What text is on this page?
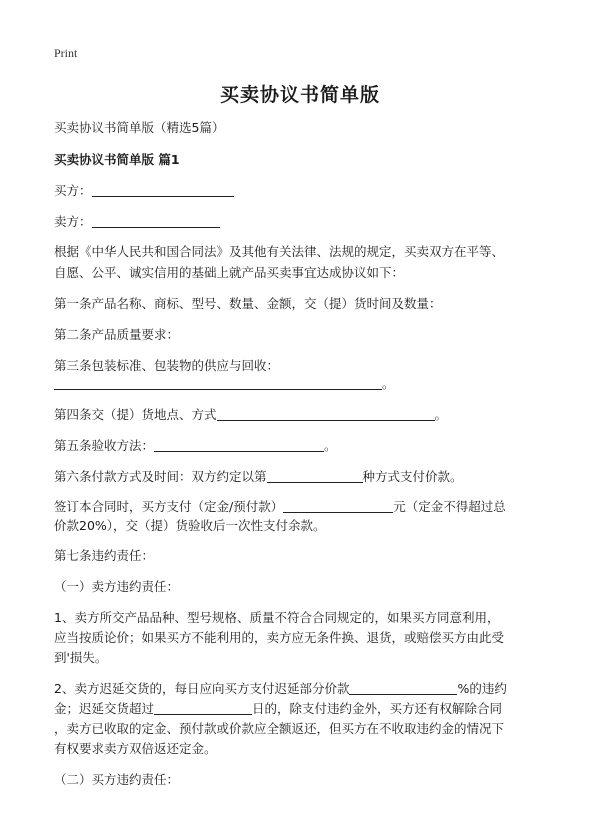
Print
买卖协议书简单版
买卖协议书简单版（精选5篇）
买卖协议书简单版 篇1
买方：
卖方：
根据《中华人民共和国合同法》及其他有关法律、法规的规定，买卖双方在平等、
自愿、公平、诚实信用的基础上就产品买卖事宜达成协议如下：
第一条产品名称、商标、型号、数量、金额，交（提）货时间及数量：
第二条产品质量要求：
第三条包装标准、包装物的供应与回收：
。
第四条交（提）货地点、方式	。
第五条验收方法：	。
第六条付款方式及时间：双方约定以第	种方式支付价款。
签订本合同时，买方支付（定金/预付款）	元（定金不得超过总
价款20%），交（提）货验收后一次性支付余款。
第七条违约责任：
（一）卖方违约责任：
1、卖方所交产品品种、型号规格、质量不符合合同规定的，如果买方同意利用，
应当按质论价；如果买方不能利用的，卖方应无条件换、退货，或赔偿买方由此受
到'损失。
2、卖方迟延交货的，每日应向买方支付迟延部分价款	%的违约
金；迟延交货超过	日的，除支付违约金外，买方还有权解除合同
，卖方已收取的定金、预付款或价款应全额返还，但买方在不收取违约金的情况下
有权要求卖方双倍返还定金。
（二）买方违约责任：
